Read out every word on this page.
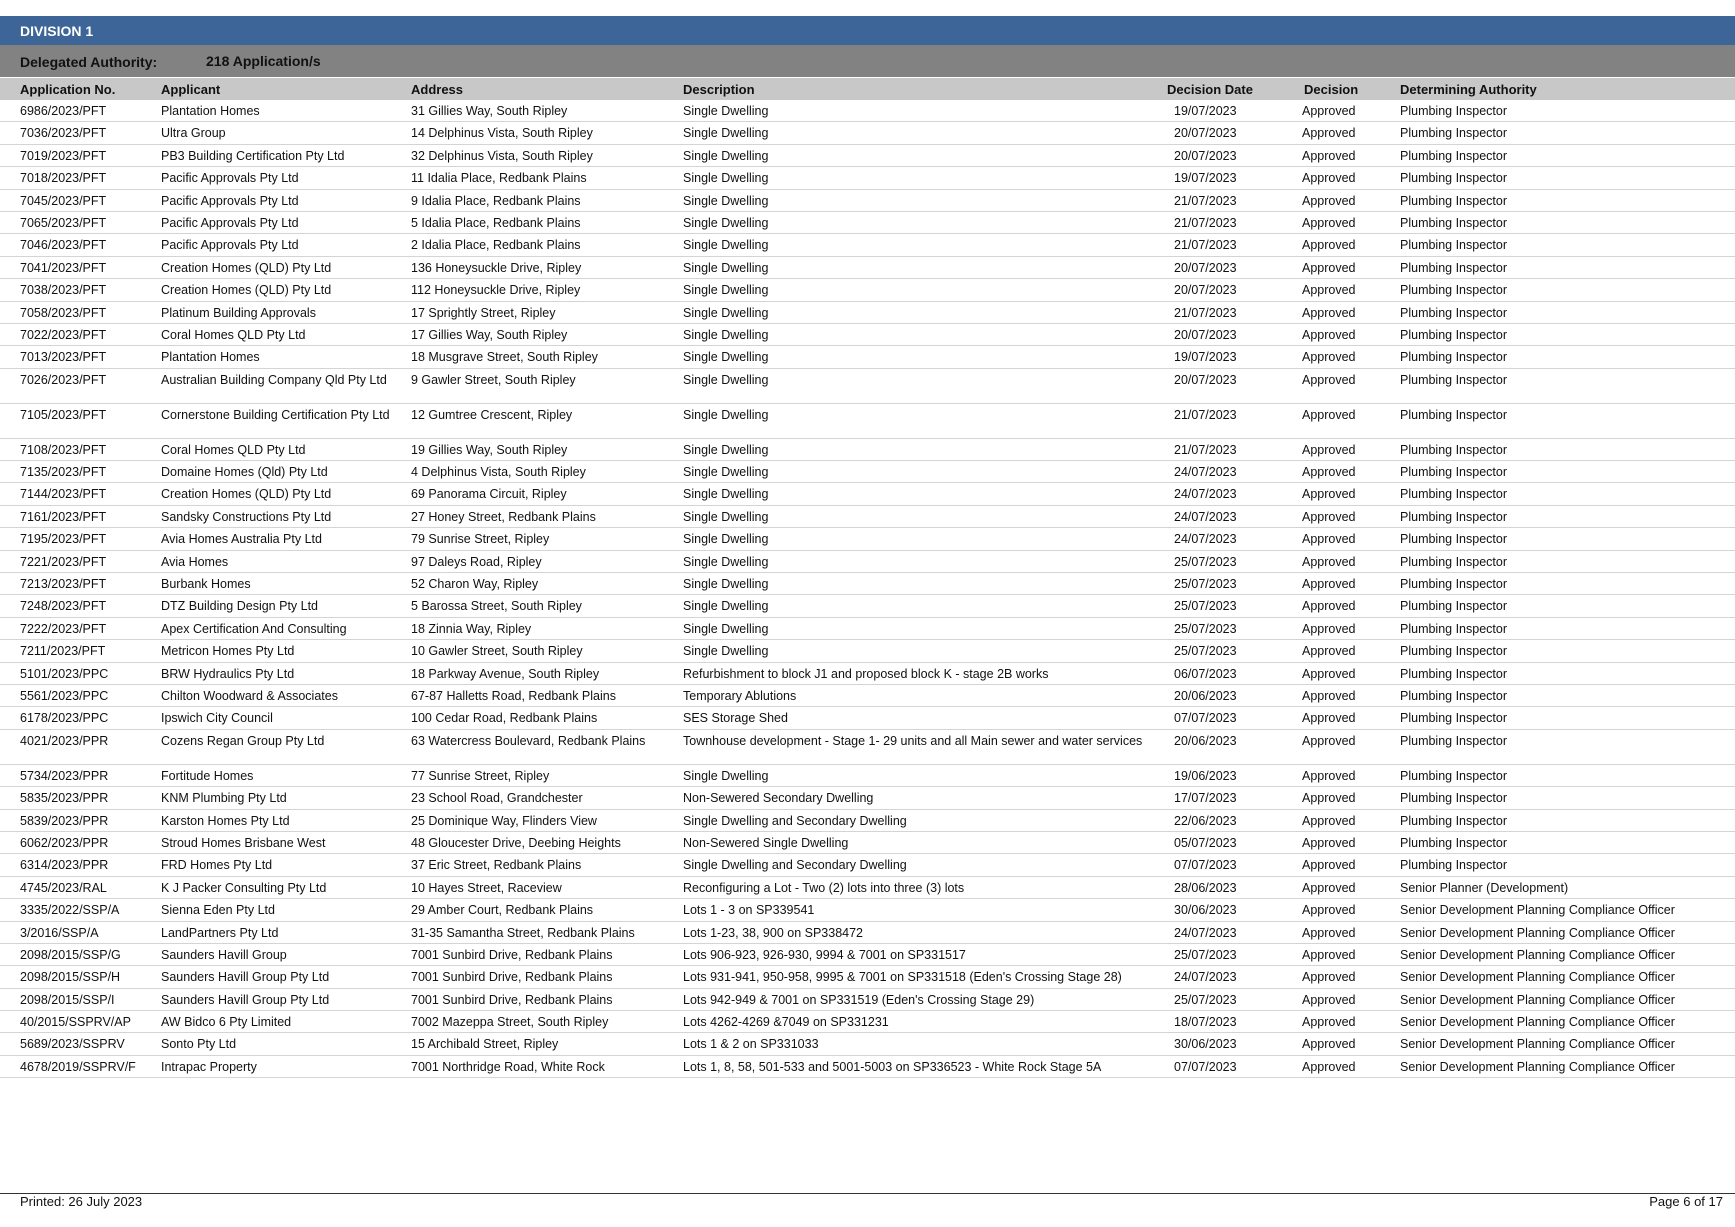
DIVISION 1
Delegated Authority:	218 Application/s
Application No.	Applicant	Address	Description	Decision Date	Decision	Determining Authority
6986/2023/PFT	Plantation Homes	31 Gillies Way, South Ripley	Single Dwelling	19/07/2023	Approved	Plumbing Inspector
7036/2023/PFT	Ultra Group	14 Delphinus Vista, South Ripley	Single Dwelling	20/07/2023	Approved	Plumbing Inspector
7019/2023/PFT	PB3 Building Certification Pty Ltd	32 Delphinus Vista, South Ripley	Single Dwelling	20/07/2023	Approved	Plumbing Inspector
7018/2023/PFT	Pacific Approvals Pty Ltd	11 Idalia Place, Redbank Plains	Single Dwelling	19/07/2023	Approved	Plumbing Inspector
7045/2023/PFT	Pacific Approvals Pty Ltd	9 Idalia Place, Redbank Plains	Single Dwelling	21/07/2023	Approved	Plumbing Inspector
7065/2023/PFT	Pacific Approvals Pty Ltd	5 Idalia Place, Redbank Plains	Single Dwelling	21/07/2023	Approved	Plumbing Inspector
7046/2023/PFT	Pacific Approvals Pty Ltd	2 Idalia Place, Redbank Plains	Single Dwelling	21/07/2023	Approved	Plumbing Inspector
7041/2023/PFT	Creation Homes (QLD) Pty Ltd	136 Honeysuckle Drive, Ripley	Single Dwelling	20/07/2023	Approved	Plumbing Inspector
7038/2023/PFT	Creation Homes (QLD) Pty Ltd	112 Honeysuckle Drive, Ripley	Single Dwelling	20/07/2023	Approved	Plumbing Inspector
7058/2023/PFT	Platinum Building Approvals	17 Sprightly Street, Ripley	Single Dwelling	21/07/2023	Approved	Plumbing Inspector
7022/2023/PFT	Coral Homes QLD Pty Ltd	17 Gillies Way, South Ripley	Single Dwelling	20/07/2023	Approved	Plumbing Inspector
7013/2023/PFT	Plantation Homes	18 Musgrave Street, South Ripley	Single Dwelling	19/07/2023	Approved	Plumbing Inspector
7026/2023/PFT	Australian Building Company Qld Pty Ltd	9 Gawler Street, South Ripley	Single Dwelling	20/07/2023	Approved	Plumbing Inspector
7105/2023/PFT	Cornerstone Building Certification Pty Ltd	12 Gumtree Crescent, Ripley	Single Dwelling	21/07/2023	Approved	Plumbing Inspector
7108/2023/PFT	Coral Homes QLD Pty Ltd	19 Gillies Way, South Ripley	Single Dwelling	21/07/2023	Approved	Plumbing Inspector
7135/2023/PFT	Domaine Homes (Qld) Pty Ltd	4 Delphinus Vista, South Ripley	Single Dwelling	24/07/2023	Approved	Plumbing Inspector
7144/2023/PFT	Creation Homes (QLD) Pty Ltd	69 Panorama Circuit, Ripley	Single Dwelling	24/07/2023	Approved	Plumbing Inspector
7161/2023/PFT	Sandsky Constructions Pty Ltd	27 Honey Street, Redbank Plains	Single Dwelling	24/07/2023	Approved	Plumbing Inspector
7195/2023/PFT	Avia Homes Australia Pty Ltd	79 Sunrise Street, Ripley	Single Dwelling	24/07/2023	Approved	Plumbing Inspector
7221/2023/PFT	Avia Homes	97 Daleys Road, Ripley	Single Dwelling	25/07/2023	Approved	Plumbing Inspector
7213/2023/PFT	Burbank Homes	52 Charon Way, Ripley	Single Dwelling	25/07/2023	Approved	Plumbing Inspector
7248/2023/PFT	DTZ Building Design Pty Ltd	5 Barossa Street, South Ripley	Single Dwelling	25/07/2023	Approved	Plumbing Inspector
7222/2023/PFT	Apex Certification And Consulting	18 Zinnia Way, Ripley	Single Dwelling	25/07/2023	Approved	Plumbing Inspector
7211/2023/PFT	Metricon Homes Pty Ltd	10 Gawler Street, South Ripley	Single Dwelling	25/07/2023	Approved	Plumbing Inspector
5101/2023/PPC	BRW Hydraulics Pty Ltd	18 Parkway Avenue, South Ripley	Refurbishment to block J1 and proposed block K - stage 2B works	06/07/2023	Approved	Plumbing Inspector
5561/2023/PPC	Chilton Woodward & Associates	67-87 Halletts Road, Redbank Plains	Temporary Ablutions	20/06/2023	Approved	Plumbing Inspector
6178/2023/PPC	Ipswich City Council	100 Cedar Road, Redbank Plains	SES Storage Shed	07/07/2023	Approved	Plumbing Inspector
4021/2023/PPR	Cozens Regan Group Pty Ltd	63 Watercress Boulevard, Redbank Plains	Townhouse development - Stage 1- 29 units and all Main sewer and water services	20/06/2023	Approved	Plumbing Inspector
5734/2023/PPR	Fortitude Homes	77 Sunrise Street, Ripley	Single Dwelling	19/06/2023	Approved	Plumbing Inspector
5835/2023/PPR	KNM Plumbing Pty Ltd	23 School Road, Grandchester	Non-Sewered Secondary Dwelling	17/07/2023	Approved	Plumbing Inspector
5839/2023/PPR	Karston Homes Pty Ltd	25 Dominique Way, Flinders View	Single Dwelling and Secondary Dwelling	22/06/2023	Approved	Plumbing Inspector
6062/2023/PPR	Stroud Homes Brisbane West	48 Gloucester Drive, Deebing Heights	Non-Sewered Single Dwelling	05/07/2023	Approved	Plumbing Inspector
6314/2023/PPR	FRD Homes Pty Ltd	37 Eric Street, Redbank Plains	Single Dwelling and Secondary Dwelling	07/07/2023	Approved	Plumbing Inspector
4745/2023/RAL	K J Packer Consulting Pty Ltd	10 Hayes Street, Raceview	Reconfiguring a Lot - Two (2) lots into three (3) lots	28/06/2023	Approved	Senior Planner (Development)
3335/2022/SSP/A	Sienna Eden Pty Ltd	29 Amber Court, Redbank Plains	Lots 1 - 3 on SP339541	30/06/2023	Approved	Senior Development Planning Compliance Officer
3/2016/SSP/A	LandPartners Pty Ltd	31-35 Samantha Street, Redbank Plains	Lots 1-23, 38, 900 on SP338472	24/07/2023	Approved	Senior Development Planning Compliance Officer
2098/2015/SSP/G	Saunders Havill Group	7001 Sunbird Drive, Redbank Plains	Lots 906-923, 926-930, 9994 & 7001 on SP331517	25/07/2023	Approved	Senior Development Planning Compliance Officer
2098/2015/SSP/H	Saunders Havill Group Pty Ltd	7001 Sunbird Drive, Redbank Plains	Lots 931-941, 950-958, 9995 & 7001 on SP331518 (Eden's Crossing Stage 28)	24/07/2023	Approved	Senior Development Planning Compliance Officer
2098/2015/SSP/I	Saunders Havill Group Pty Ltd	7001 Sunbird Drive, Redbank Plains	Lots 942-949 & 7001 on SP331519 (Eden's Crossing Stage 29)	25/07/2023	Approved	Senior Development Planning Compliance Officer
40/2015/SSPRV/AP AW Bidco 6 Pty Limited	7002 Mazeppa Street, South Ripley	Lots 4262-4269 &7049 on SP331231	18/07/2023	Approved	Senior Development Planning Compliance Officer
5689/2023/SSPRV	Sonto Pty Ltd	15 Archibald Street, Ripley	Lots 1 & 2 on SP331033	30/06/2023	Approved	Senior Development Planning Compliance Officer
4678/2019/SSPRV/F Intrapac Property	7001 Northridge Road, White Rock	Lots 1, 8, 58, 501-533 and 5001-5003 on SP336523 - White Rock Stage 5A	07/07/2023	Approved	Senior Development Planning Compliance Officer
Printed: 26 July 2023	Page 6 of 17
